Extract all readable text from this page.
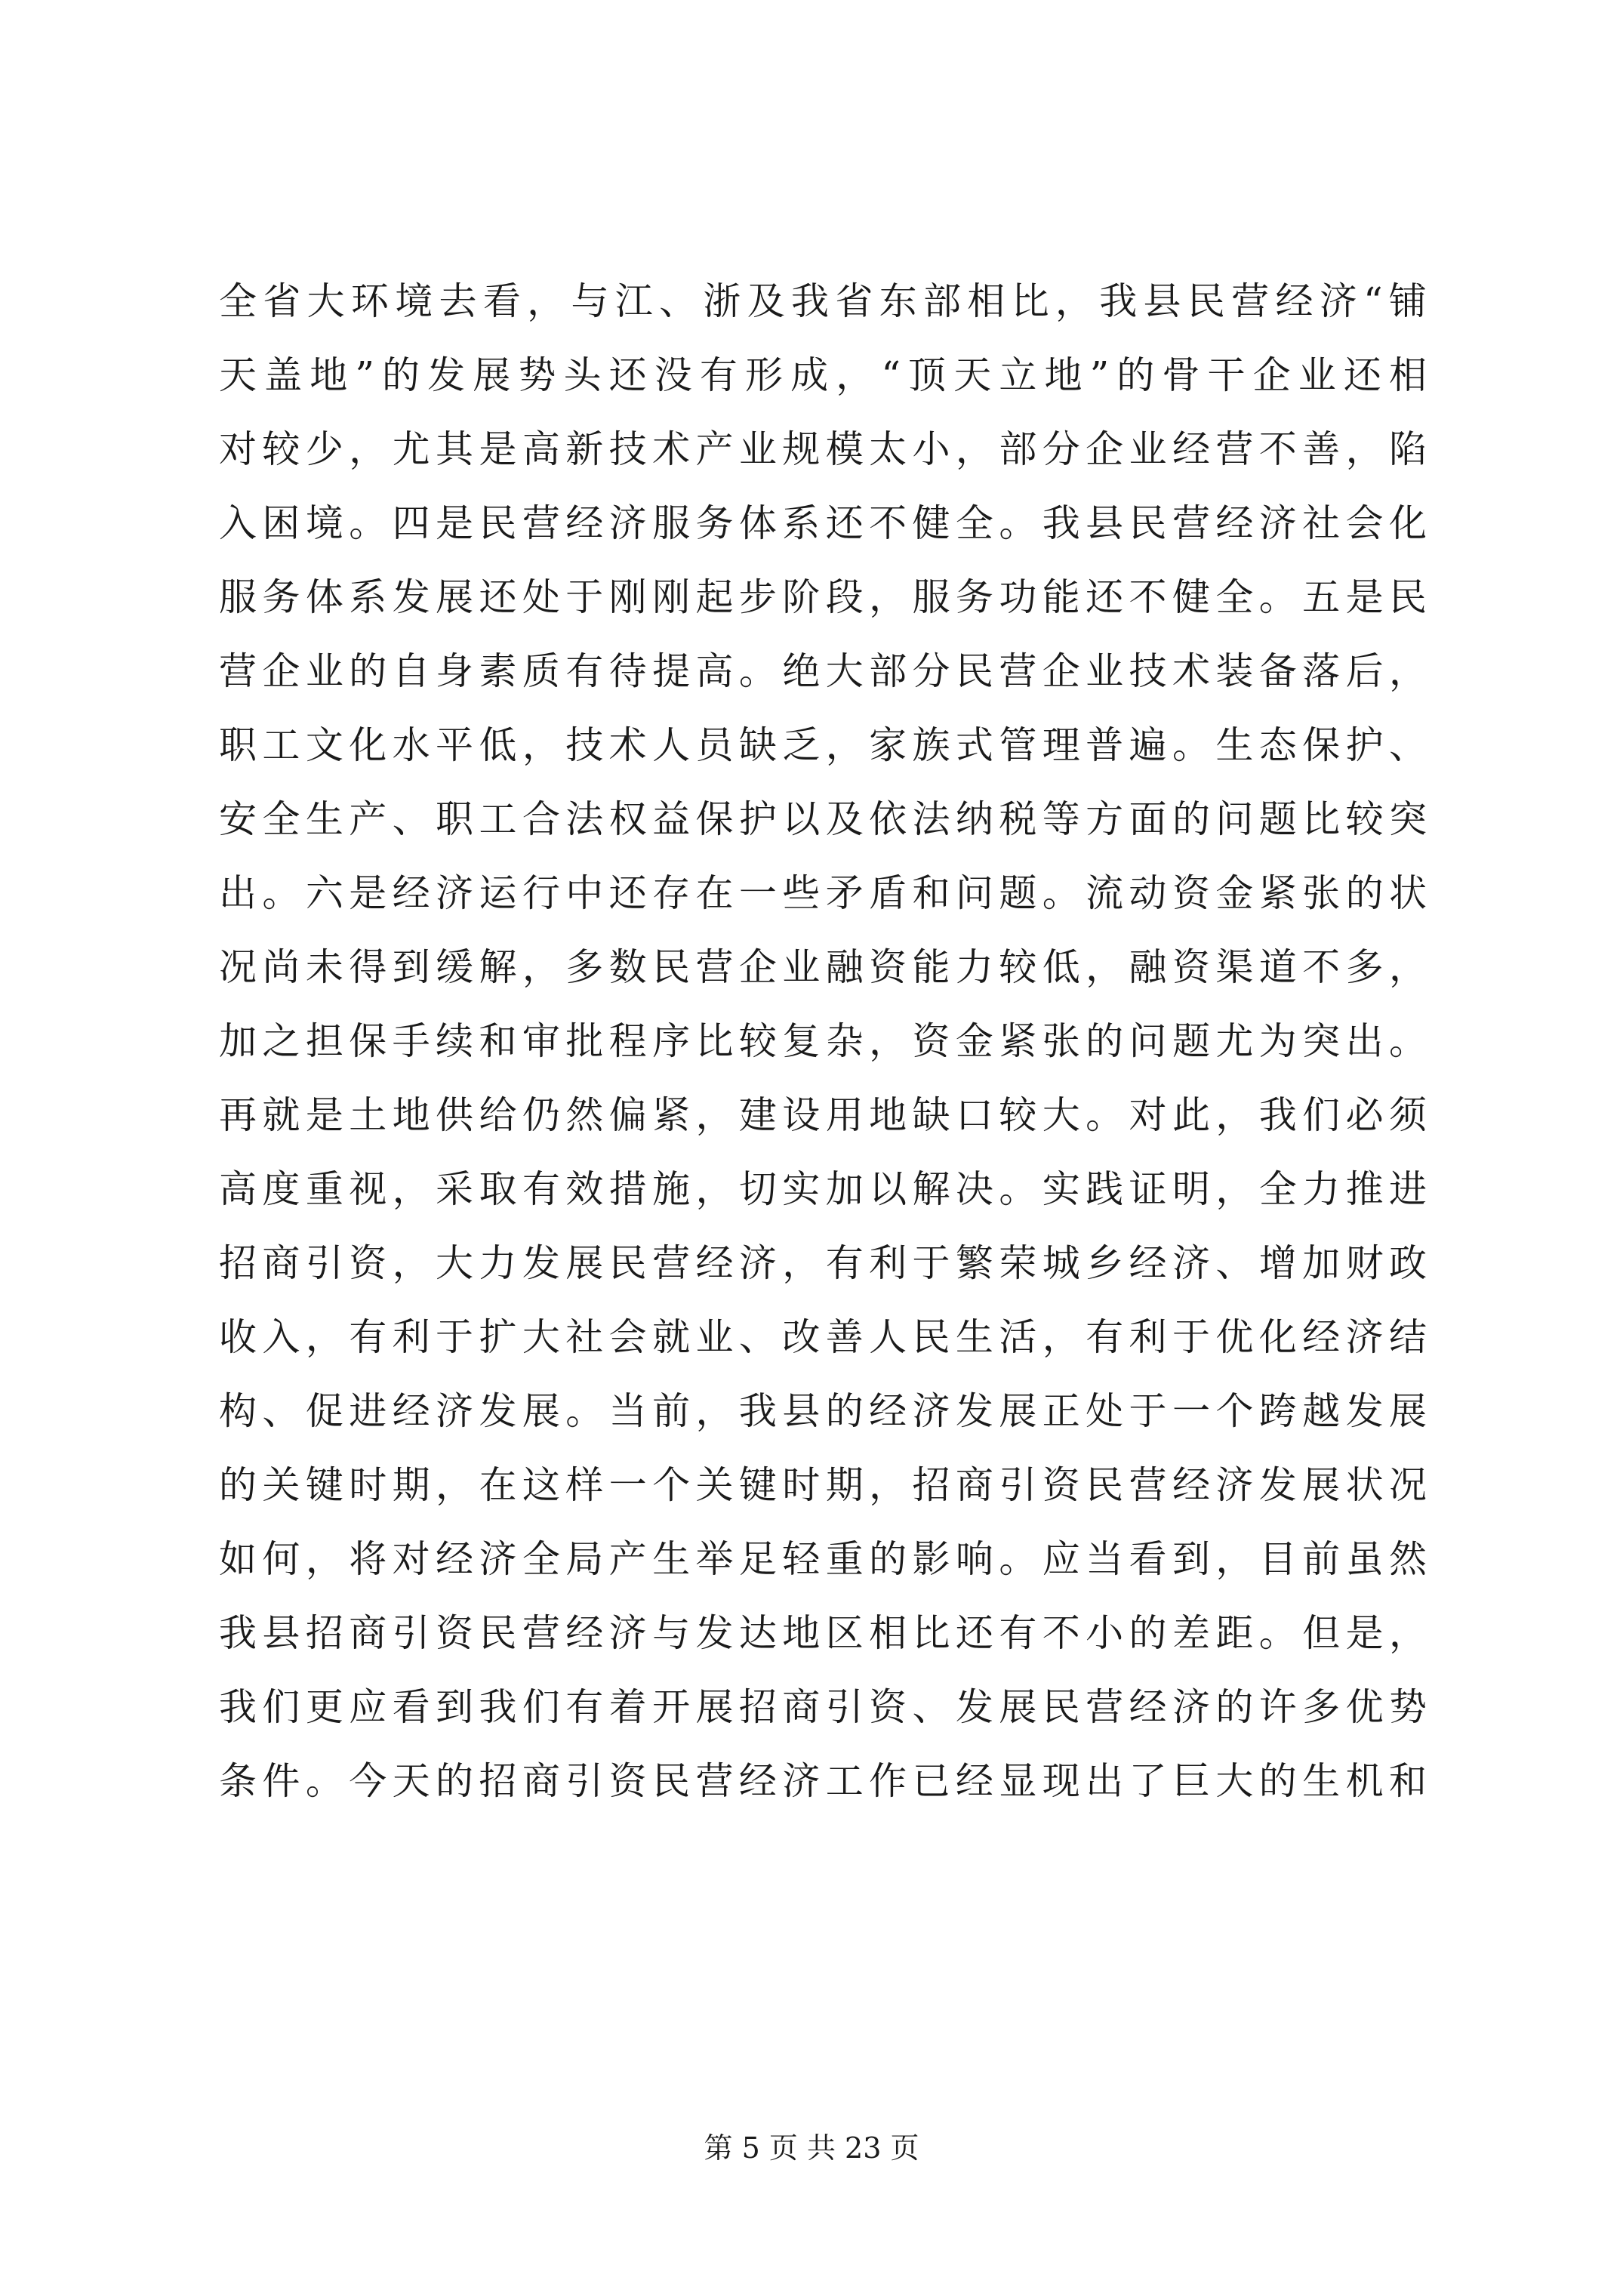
全省大环境去看，与江、浙及我省东部相比，我县民营经济“铺
天盖地”的发展势头还没有形成，“顶天立地”的骨干企业还相
对较少，尤其是高新技术产业规模太小，部分企业经营不善，陷
入困境。四是民营经济服务体系还不健全。我县民营经济社会化
服务体系发展还处于刚刚起步阶段，服务功能还不健全。五是民
营企业的自身素质有待提高。绝大部分民营企业技术装备落后，
职工文化水平低，技术人员缺乏，家族式管理普遍。生态保护、
安全生产、职工合法权益保护以及依法纳税等方面的问题比较突
出。六是经济运行中还存在一些矛盾和问题。流动资金紧张的状
况尚未得到缓解，多数民营企业融资能力较低，融资渠道不多，
加之担保手续和审批程序比较复杂，资金紧张的问题尤为突出。
再就是土地供给仍然偏紧，建设用地缺口较大。对此，我们必须
高度重视，采取有效措施，切实加以解决。实践证明，全力推进
招商引资，大力发展民营经济，有利于繁荣城乡经济、增加财政
收入，有利于扩大社会就业、改善人民生活，有利于优化经济结
构、促进经济发展。当前，我县的经济发展正处于一个跨越发展
的关键时期，在这样一个关键时期，招商引资民营经济发展状况
如何，将对经济全局产生举足轻重的影响。应当看到，目前虽然
我县招商引资民营经济与发达地区相比还有不小的差距。但是，
我们更应看到我们有着开展招商引资、发展民营经济的许多优势
条件。今天的招商引资民营经济工作已经显现出了巨大的生机和
第 5 页 共 23 页
